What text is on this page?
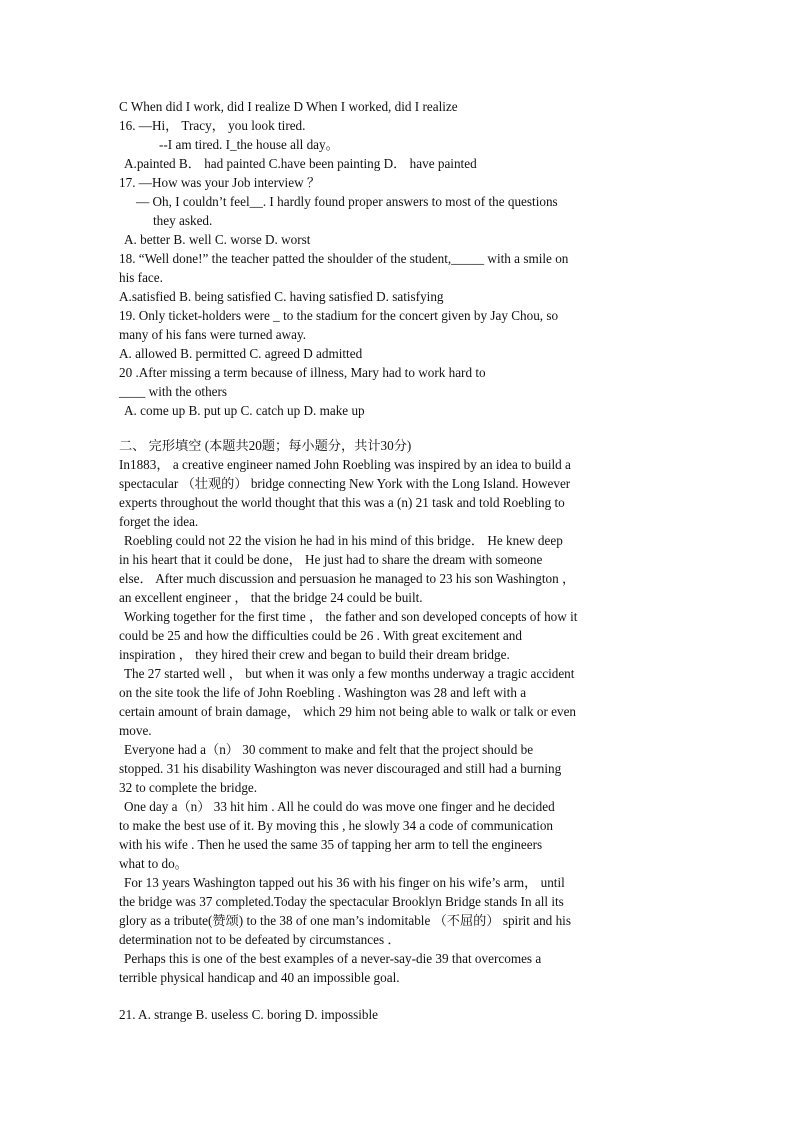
C When did I work, did I realize D When I worked, did I realize
16. —Hi， Tracy， you look tired.
--I am tired. I_the house all day。
A.painted B． had painted C.have been painting D． have painted
17. —How was your Job interview ？
— Oh, I couldn’t feel__. I hardly found proper answers to most of the questions
they asked.
A. better B. well C. worse D. worst
18. “Well done!” the teacher patted the shoulder of the student,_____ with a smile on
his face.
A.satisfied B. being satisfied C. having satisfied D. satisfying
19. Only ticket-holders were _ to the stadium for the concert given by Jay Chou, so
many of his fans were turned away.
A. allowed B. permitted C. agreed D admitted
20 .After missing a term because of illness, Mary had to work hard to
____ with the others
A. come up B. put up C. catch up D. make up
二、 完形填空 (本题共20题；每小题分，共计30分)
In1883， a creative engineer named John Roebling was inspired by an idea to build a
spectacular （壮观的） bridge connecting New York with the Long Island. However
experts throughout the world thought that this was a (n) 21 task and told Roebling to
forget the idea.
Roebling could not 22 the vision he had in his mind of this bridge． He knew deep
in his heart that it could be done， He just had to share the dream with someone
else． After much discussion and persuasion he managed to 23 his son Washington ，
an excellent engineer ， that the bridge 24 could be built.
Working together for the first time ， the father and son developed concepts of how it
could be 25 and how the difficulties could be 26 . With great excitement and
inspiration ， they hired their crew and began to build their dream bridge.
The 27 started well ， but when it was only a few months underway a tragic accident
on the site took the life of John Roebling . Washington was 28 and left with a
certain amount of brain damage， which 29 him not being able to walk or talk or even
move.
Everyone had a（n） 30 comment to make and felt that the project should be
stopped. 31 his disability Washington was never discouraged and still had a burning
32 to complete the bridge.
One day a（n） 33 hit him . All he could do was move one finger and he decided
to make the best use of it. By moving this , he slowly 34 a code of communication
with his wife . Then he used the same 35 of tapping her arm to tell the engineers
what to do。
For 13 years Washington tapped out his 36 with his finger on his wife’s arm， until
the bridge was 37 completed.Today the spectacular Brooklyn Bridge stands In all its
glory as a tribute(赞颂) to the 38 of one man’s indomitable （不屈的） spirit and his
determination not to be defeated by circumstances ．
Perhaps this is one of the best examples of a never-say-die 39 that overcomes a
terrible physical handicap and 40 an impossible goal.
21. A. strange B. useless C. boring D. impossible
